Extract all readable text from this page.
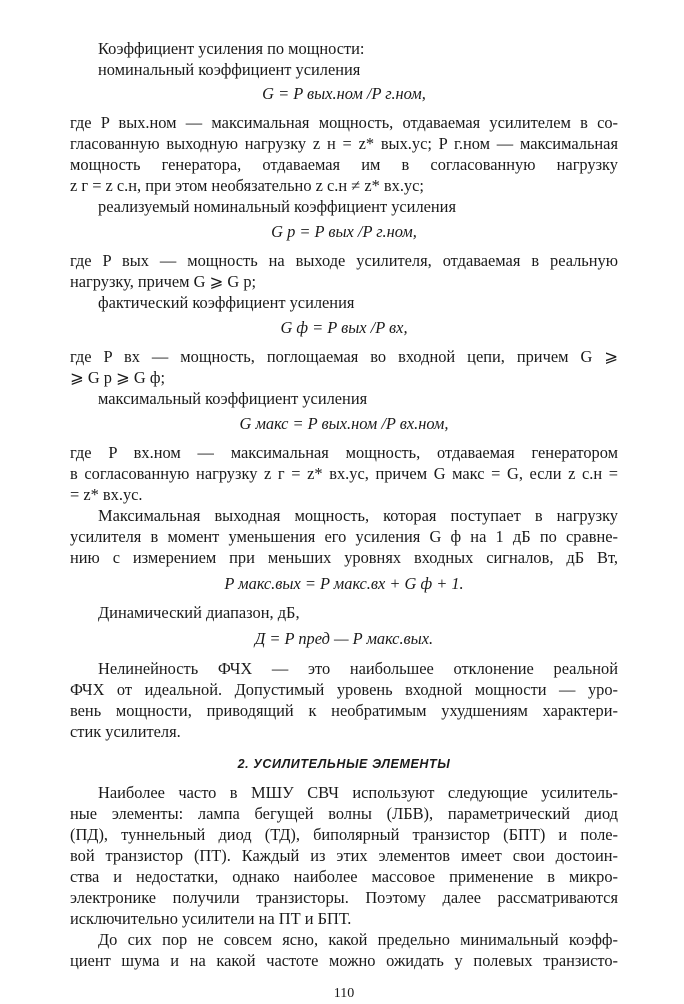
Коэффициент усиления по мощности:
номинальный коэффициент усиления
G = P вых.ном /P г.ном,
где P вых.ном — максимальная мощность, отдаваемая усилителем в со-
гласованную выходную нагрузку z н = z* вых.ус; P г.ном — максимальная
мощность генератора, отдаваемая им в согласованную нагрузку
z г = z с.н, при этом необязательно z с.н ≠ z* вх.ус;
реализуемый номинальный коэффициент усиления
G p = P вых /P г.ном,
где P вых — мощность на выходе усилителя, отдаваемая в реальную
нагрузку, причем G ⩾ G p;
фактический коэффициент усиления
G ф = P вых /P вх,
где P вх — мощность, поглощаемая во входной цепи, причем G ⩾
⩾ G p ⩾ G ф;
максимальный коэффициент усиления
G макс = P вых.ном /P вх.ном,
где P вх.ном — максимальная мощность, отдаваемая генератором
в согласованную нагрузку z г = z* вх.ус, причем G макс = G, если z с.н =
= z* вх.ус.
Максимальная выходная мощность, которая поступает в нагрузку
усилителя в момент уменьшения его усиления G ф на 1 дБ по сравне-
нию с измерением при меньших уровнях входных сигналов, дБ Вт,
P макс.вых = P макс.вх + G ф + 1.
Динамический диапазон, дБ,
Д = P пред — P макс.вых.
Нелинейность ФЧХ — это наибольшее отклонение реальной
ФЧХ от идеальной. Допустимый уровень входной мощности — уро-
вень мощности, приводящий к необратимым ухудшениям характери-
стик усилителя.
2. УСИЛИТЕЛЬНЫЕ ЭЛЕМЕНТЫ
Наиболее часто в МШУ СВЧ используют следующие усилитель-
ные элементы: лампа бегущей волны (ЛБВ), параметрический диод
(ПД), туннельный диод (ТД), биполярный транзистор (БПТ) и поле-
вой транзистор (ПТ). Каждый из этих элементов имеет свои достоин-
ства и недостатки, однако наиболее массовое применение в микро-
электронике получили транзисторы. Поэтому далее рассматриваются
исключительно усилители на ПТ и БПТ.
До сих пор не совсем ясно, какой предельно минимальный коэфф-
циент шума и на какой частоте можно ожидать у полевых транзисто-
110
